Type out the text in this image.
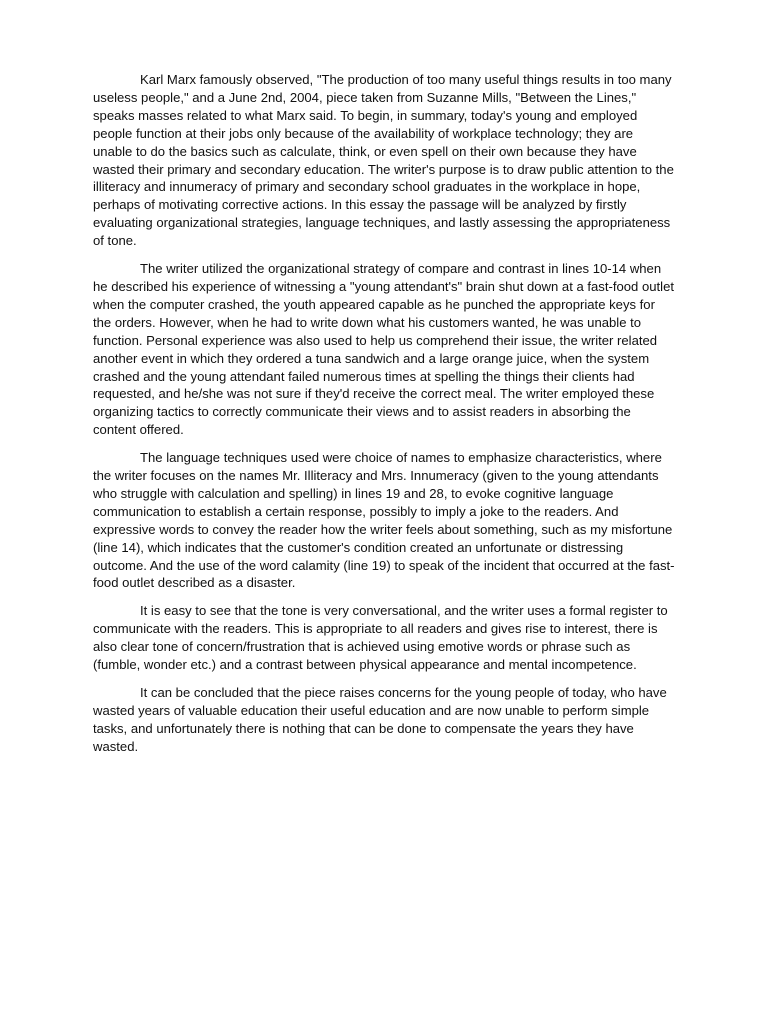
Karl Marx famously observed, "The production of too many useful things results in too many useless people," and a June 2nd, 2004, piece taken from Suzanne Mills, "Between the Lines," speaks masses related to what Marx said. To begin, in summary, today's young and employed people function at their jobs only because of the availability of workplace technology; they are unable to do the basics such as calculate, think, or even spell on their own because they have wasted their primary and secondary education. The writer's purpose is to draw public attention to the illiteracy and innumeracy of primary and secondary school graduates in the workplace in hope, perhaps of motivating corrective actions. In this essay the passage will be analyzed by firstly evaluating organizational strategies, language techniques, and lastly assessing the appropriateness of tone.

The writer utilized the organizational strategy of compare and contrast in lines 10-14 when he described his experience of witnessing a "young attendant's" brain shut down at a fast-food outlet when the computer crashed, the youth appeared capable as he punched the appropriate keys for the orders. However, when he had to write down what his customers wanted, he was unable to function. Personal experience was also used to help us comprehend their issue, the writer related another event in which they ordered a tuna sandwich and a large orange juice, when the system crashed and the young attendant failed numerous times at spelling the things their clients had requested, and he/she was not sure if they'd receive the correct meal. The writer employed these organizing tactics to correctly communicate their views and to assist readers in absorbing the content offered.

The language techniques used were choice of names to emphasize characteristics, where the writer focuses on the names Mr. Illiteracy and Mrs. Innumeracy (given to the young attendants who struggle with calculation and spelling) in lines 19 and 28, to evoke cognitive language communication to establish a certain response, possibly to imply a joke to the readers. And expressive words to convey the reader how the writer feels about something, such as my misfortune (line 14), which indicates that the customer's condition created an unfortunate or distressing outcome. And the use of the word calamity (line 19) to speak of the incident that occurred at the fast-food outlet described as a disaster.

It is easy to see that the tone is very conversational, and the writer uses a formal register to communicate with the readers. This is appropriate to all readers and gives rise to interest, there is also clear tone of concern/frustration that is achieved using emotive words or phrase such as (fumble, wonder etc.) and a contrast between physical appearance and mental incompetence.

It can be concluded that the piece raises concerns for the young people of today, who have wasted years of valuable education their useful education and are now unable to perform simple tasks, and unfortunately there is nothing that can be done to compensate the years they have wasted.
